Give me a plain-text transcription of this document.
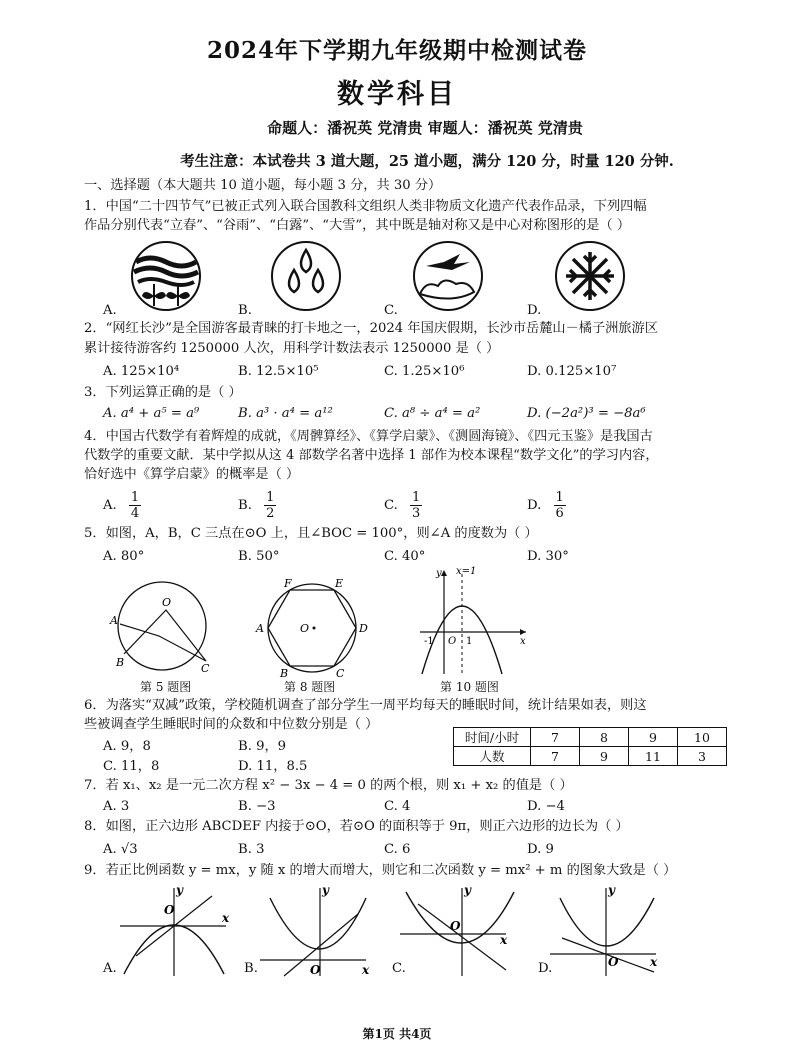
2024年下学期九年级期中检测试卷
数学科目
命题人：潘祝英 党清贵 审题人：潘祝英 党清贵
考生注意：本试卷共 3 道大题，25 道小题，满分 120 分，时量 120 分钟.
一、选择题（本大题共 10 道小题，每小题 3 分，共 30 分）
1．中国“二十四节气”已被正式列入联合国教科文组织人类非物质文化遗产代表作品录，下列四幅
作品分别代表“立春”、“谷雨”、“白露”、“大雪”，其中既是轴对称又是中心对称图形的是（ ）
A.	B.	C.	D.
2．“网红长沙”是全国游客最青睐的打卡地之一，2024 年国庆假期，长沙市岳麓山－橘子洲旅游区
累计接待游客约 1250000 人次，用科学计数法表示 1250000 是（ ）
A. 125×10⁴	B. 12.5×10⁵	C. 1.25×10⁶	D. 0.125×10⁷
3．下列运算正确的是（ ）
A. a⁴ + a⁵ = a⁹	B. a³ · a⁴ = a¹²	C. a⁸ ÷ a⁴ = a²	D. (−2a²)³ = −8a⁶
4．中国古代数学有着辉煌的成就，《周髀算经》、《算学启蒙》、《测圆海镜》、《四元玉鉴》是我国古
代数学的重要文献．某中学拟从这 4 部数学名著中选择 1 部作为校本课程“数学文化”的学习内容，
恰好选中《算学启蒙》的概率是（ ）
A. $\frac{1}{4}$	B. $\frac{1}{2}$	C. $\frac{1}{3}$	D. $\frac{1}{6}$
5．如图，A，B，C 三点在⊙O 上，且∠BOC = 100°，则∠A 的度数为（ ）
A. 80°	B. 50°	C. 40°	D. 30°
A
B	C
O
第 5 题图
F	E
A	D
B	C
O
第 8 题图
y x=1
-1 O 1	x
第 10 题图
6．为落实“双减”政策，学校随机调查了部分学生一周平均每天的睡眠时间，统计结果如表，则这
些被调查学生睡眠时间的众数和中位数分别是（ ）
A. 9，8	B. 9，9
C. 11，8	D. 11，8.5
时间/小时	7	8	9	10
人数	7	9	11	3
7．若 x₁、x₂ 是一元二次方程 x² − 3x − 4 = 0 的两个根，则 x₁ + x₂ 的值是（ ）
A. 3	B. −3	C. 4	D. −4
8．如图，正六边形 ABCDEF 内接于⊙O，若⊙O 的面积等于 9π，则正六边形的边长为（ ）
A. √3	B. 3	C. 6	D. 9
9．若正比例函数 y = mx，y 随 x 的增大而增大，则它和二次函数 y = mx² + m 的图象大致是（ ）
y
x
O
y
x
O
y
x
O
y
x
O
A.	B.	C.	D.
第1页 共4页
